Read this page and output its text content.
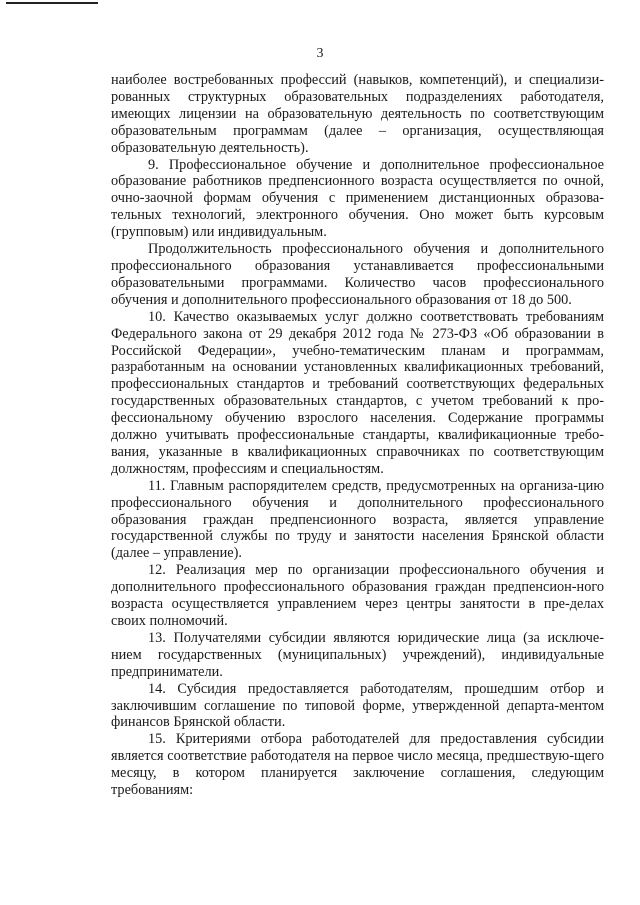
3

наиболее востребованных профессий (навыков, компетенций), и специализи-рованных структурных образовательных подразделениях работодателя, имеющих лицензии на образовательную деятельность по соответствующим образовательным программам (далее – организация, осуществляющая образовательную деятельность).

9. Профессиональное обучение и дополнительное профессиональное образование работников предпенсионного возраста осуществляется по очной, очно-заочной формам обучения с применением дистанционных образова-тельных технологий, электронного обучения. Оно может быть курсовым (групповым) или индивидуальным.

Продолжительность профессионального обучения и дополнительного профессионального образования устанавливается профессиональными образовательными программами. Количество часов профессионального обучения и дополнительного профессионального образования от 18 до 500.

10. Качество оказываемых услуг должно соответствовать требованиям Федерального закона от 29 декабря 2012 года № 273-ФЗ «Об образовании в Российской Федерации», учебно-тематическим планам и программам, разработанным на основании установленных квалификационных требований, профессиональных стандартов и требований соответствующих федеральных государственных образовательных стандартов, с учетом требований к про-фессиональному обучению взрослого населения. Содержание программы должно учитывать профессиональные стандарты, квалификационные требо-вания, указанные в квалификационных справочниках по соответствующим должностям, профессиям и специальностям.

11. Главным распорядителем средств, предусмотренных на организа-цию профессионального обучения и дополнительного профессионального образования граждан предпенсионного возраста, является управление государственной службы по труду и занятости населения Брянской области (далее – управление).

12. Реализация мер по организации профессионального обучения и дополнительного профессионального образования граждан предпенсион-ного возраста осуществляется управлением через центры занятости в пре-делах своих полномочий.

13. Получателями субсидии являются юридические лица (за исключе-нием государственных (муниципальных) учреждений), индивидуальные предприниматели.

14. Субсидия предоставляется работодателям, прошедшим отбор и заключившим соглашение по типовой форме, утвержденной департа-ментом финансов Брянской области.

15. Критериями отбора работодателей для предоставления субсидии является соответствие работодателя на первое число месяца, предшествую-щего месяцу, в котором планируется заключение соглашения, следующим требованиям:
